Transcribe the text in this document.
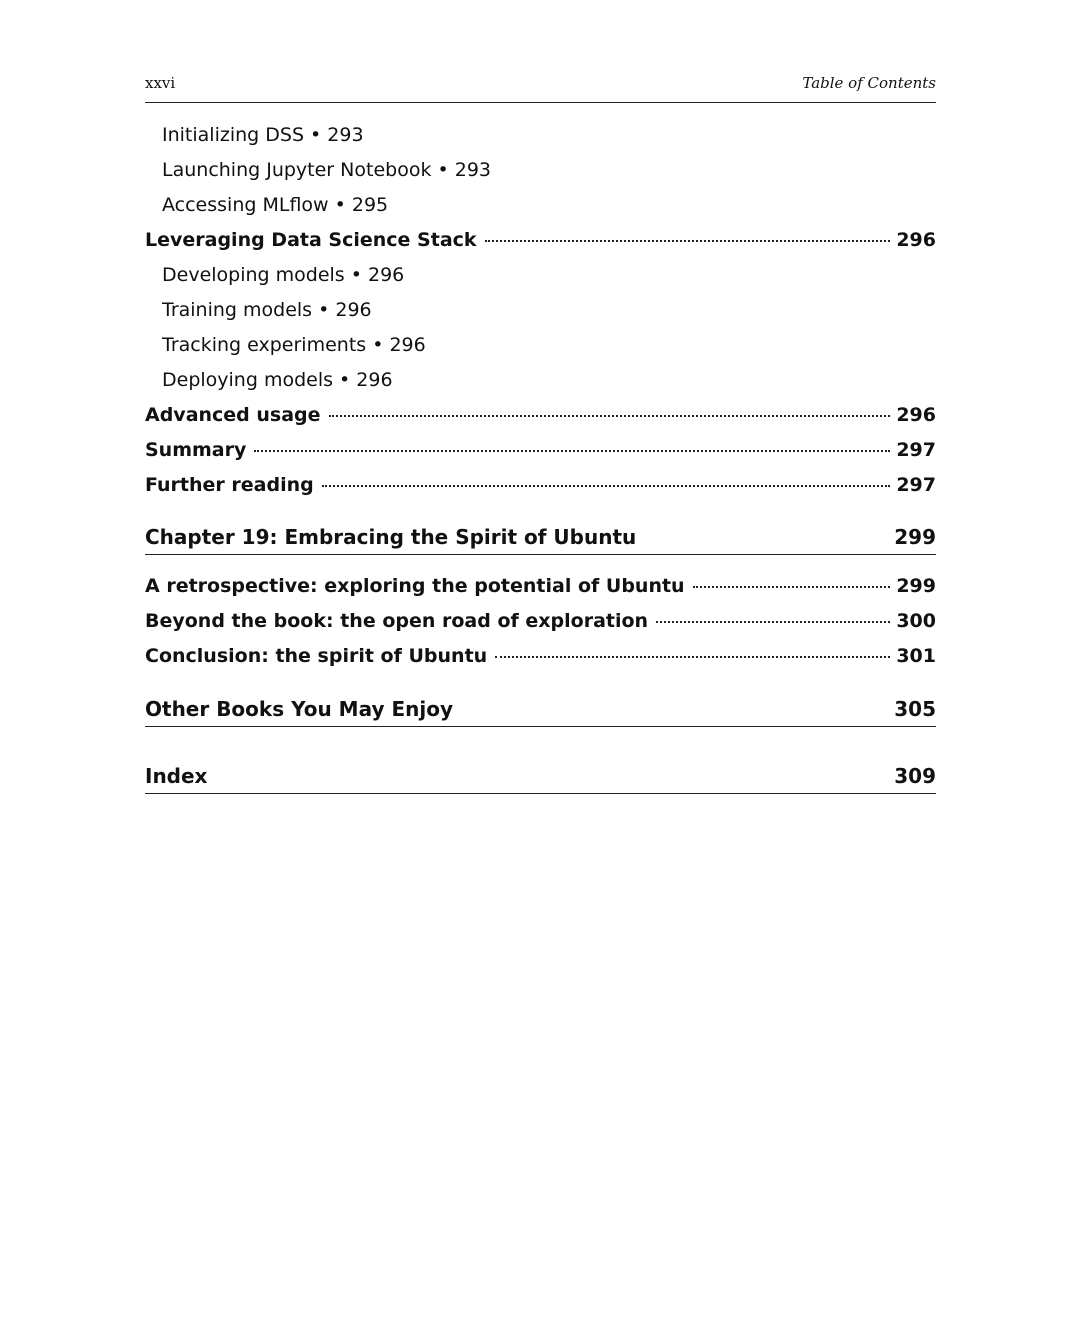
xxvi	Table of Contents
Initializing DSS • 293
Launching Jupyter Notebook • 293
Accessing MLflow • 295
Leveraging Data Science Stack	296
Developing models • 296
Training models • 296
Tracking experiments • 296
Deploying models • 296
Advanced usage	296
Summary	297
Further reading	297
Chapter 19: Embracing the Spirit of Ubuntu	299
A retrospective: exploring the potential of Ubuntu	299
Beyond the book: the open road of exploration	300
Conclusion: the spirit of Ubuntu	301
Other Books You May Enjoy	305
Index	309
